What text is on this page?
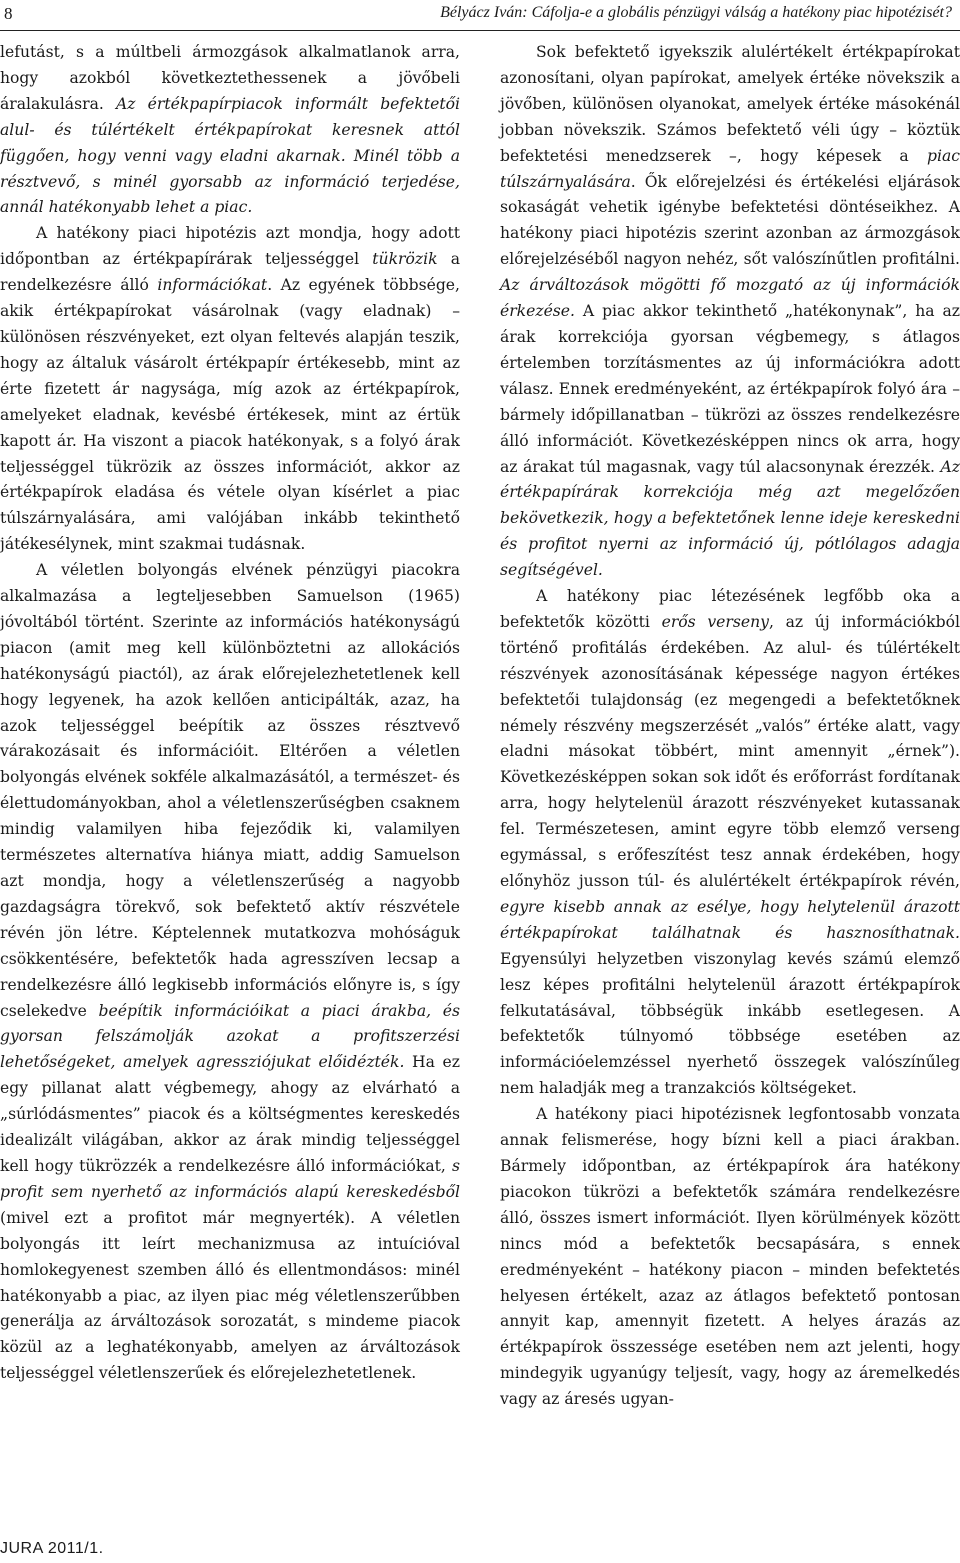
8	Bélyácz Iván: Cáfolja-e a globális pénzügyi válság a hatékony piac hipotézisét?

lefutást, s a múltbeli ármozgások alkalmatlanok arra, hogy azokból következtethessenek a jövőbeli áralakulásra. Az értékpapírpiacok informált befektetői alul- és túlértékelt értékpapírokat keresnek attól függően, hogy venni vagy eladni akarnak. Minél több a résztvevő, s minél gyorsabb az információ terjedése, annál hatékonyabb lehet a piac.

A hatékony piaci hipotézis azt mondja, hogy adott időpontban az értékpapírárak teljességgel tükrözik a rendelkezésre álló információkat. Az egyének többsége, akik értékpapírokat vásárolnak (vagy eladnak) – különösen részvényeket, ezt olyan feltevés alapján teszik, hogy az általuk vásárolt értékpapír értékesebb, mint az érte fizetett ár nagysága, míg azok az értékpapírok, amelyeket eladnak, kevésbé értékesek, mint az értük kapott ár. Ha viszont a piacok hatékonyak, s a folyó árak teljességgel tükrözik az összes információt, akkor az értékpapírok eladása és vétele olyan kísérlet a piac túlszárnyalására, ami valójában inkább tekinthető játékesélynek, mint szakmai tudásnak.

A véletlen bolyongás elvének pénzügyi piacokra alkalmazása a legteljesebben Samuelson (1965) jóvoltából történt. Szerinte az információs hatékonyságú piacon (amit meg kell különböztetni az allokációs hatékonyságú piactól), az árak előrejelezhetetlenek kell hogy legyenek, ha azok kellően anticipálták, azaz, ha azok teljességgel beépítik az összes résztvevő várakozásait és információit. Eltérően a véletlen bolyongás elvének sokféle alkalmazásától, a természet- és élettudományokban, ahol a véletlenszerűségben csaknem mindig valamilyen hiba fejeződik ki, valamilyen természetes alternatíva hiánya miatt, addig Samuelson azt mondja, hogy a véletlenszerűség a nagyobb gazdagságra törekvő, sok befektető aktív részvétele révén jön létre. Képtelennek mutatkozva mohóságuk csökkentésére, befektetők hada agresszíven lecsap a rendelkezésre álló legkisebb információs előnyre is, s így cselekedve beépítik információikat a piaci árakba, és gyorsan felszámolják azokat a profitszerzési lehetőségeket, amelyek agressziójukat előidézték. Ha ez egy pillanat alatt végbemegy, ahogy az elvárható a „súrlódásmentes” piacok és a költségmentes kereskedés idealizált világában, akkor az árak mindig teljességgel kell hogy tükrözzék a rendelkezésre álló információkat, s profit sem nyerhető az információs alapú kereskedésből (mivel ezt a profitot már megnyerték). A véletlen bolyongás itt leírt mechanizmusa az intuícióval homlokegyenest szemben álló és ellentmondásos: minél hatékonyabb a piac, az ilyen piac még véletlenszerűbben generálja az árváltozások sorozatát, s mindeme piacok közül az a leghatékonyabb, amelyen az árváltozások teljességgel véletlenszerűek és előrejelezhetetlenek.

Sok befektető igyekszik alulértékelt értékpapírokat azonosítani, olyan papírokat, amelyek értéke növekszik a jövőben, különösen olyanokat, amelyek értéke másokénál jobban növekszik. Számos befektető véli úgy – köztük befektetési menedzserek –, hogy képesek a piac túlszárnyalására. Ők előrejelzési és értékelési eljárások sokaságát vehetik igénybe befektetési döntéseikhez. A hatékony piaci hipotézis szerint azonban az ármozgások előrejelzéséből nagyon nehéz, sőt valószínűtlen profitálni. Az árváltozások mögötti fő mozgató az új információk érkezése. A piac akkor tekinthető „hatékonynak”, ha az árak korrekciója gyorsan végbemegy, s átlagos értelemben torzításmentes az új információkra adott válasz. Ennek eredményeként, az értékpapírok folyó ára – bármely időpillanatban – tükrözi az összes rendelkezésre álló információt. Következésképpen nincs ok arra, hogy az árakat túl magasnak, vagy túl alacsonynak érezzék. Az értékpapírárak korrekciója még azt megelőzően bekövetkezik, hogy a befektetőnek lenne ideje kereskedni és profitot nyerni az információ új, pótlólagos adagja segítségével.

A hatékony piac létezésének legfőbb oka a befektetők közötti erős verseny, az új információkból történő profitálás érdekében. Az alul- és túlértékelt részvények azonosításának képessége nagyon értékes befektetői tulajdonság (ez megengedi a befektetőknek némely részvény megszerzését „valós” értéke alatt, vagy eladni másokat többért, mint amennyit „érnek”). Következésképpen sokan sok időt és erőforrást fordítanak arra, hogy helytelenül árazott részvényeket kutassanak fel. Természetesen, amint egyre több elemző verseng egymással, s erőfeszítést tesz annak érdekében, hogy előnyhöz jusson túl- és alulértékelt értékpapírok révén, egyre kisebb annak az esélye, hogy helytelenül árazott értékpapírokat találhatnak és hasznosíthatnak. Egyensúlyi helyzetben viszonylag kevés számú elemző lesz képes profitálni helytelenül árazott értékpapírok felkutatásával, többségük inkább esetlegesen. A befektetők túlnyomó többsége esetében az információelemzéssel nyerhető összegek valószínűleg nem haladják meg a tranzakciós költségeket.

A hatékony piaci hipotézisnek legfontosabb vonzata annak felismerése, hogy bízni kell a piaci árakban. Bármely időpontban, az értékpapírok ára hatékony piacokon tükrözi a befektetők számára rendelkezésre álló, összes ismert információt. Ilyen körülmények között nincs mód a befektetők becsapására, s ennek eredményeként – hatékony piacon – minden befektetés helyesen értékelt, azaz az átlagos befektető pontosan annyit kap, amennyit fizetett. A helyes árazás az értékpapírok összessége esetében nem azt jelenti, hogy mindegyik ugyanúgy teljesít, vagy, hogy az áremelkedés vagy az áresés ugyan-

JURA 2011/1.
